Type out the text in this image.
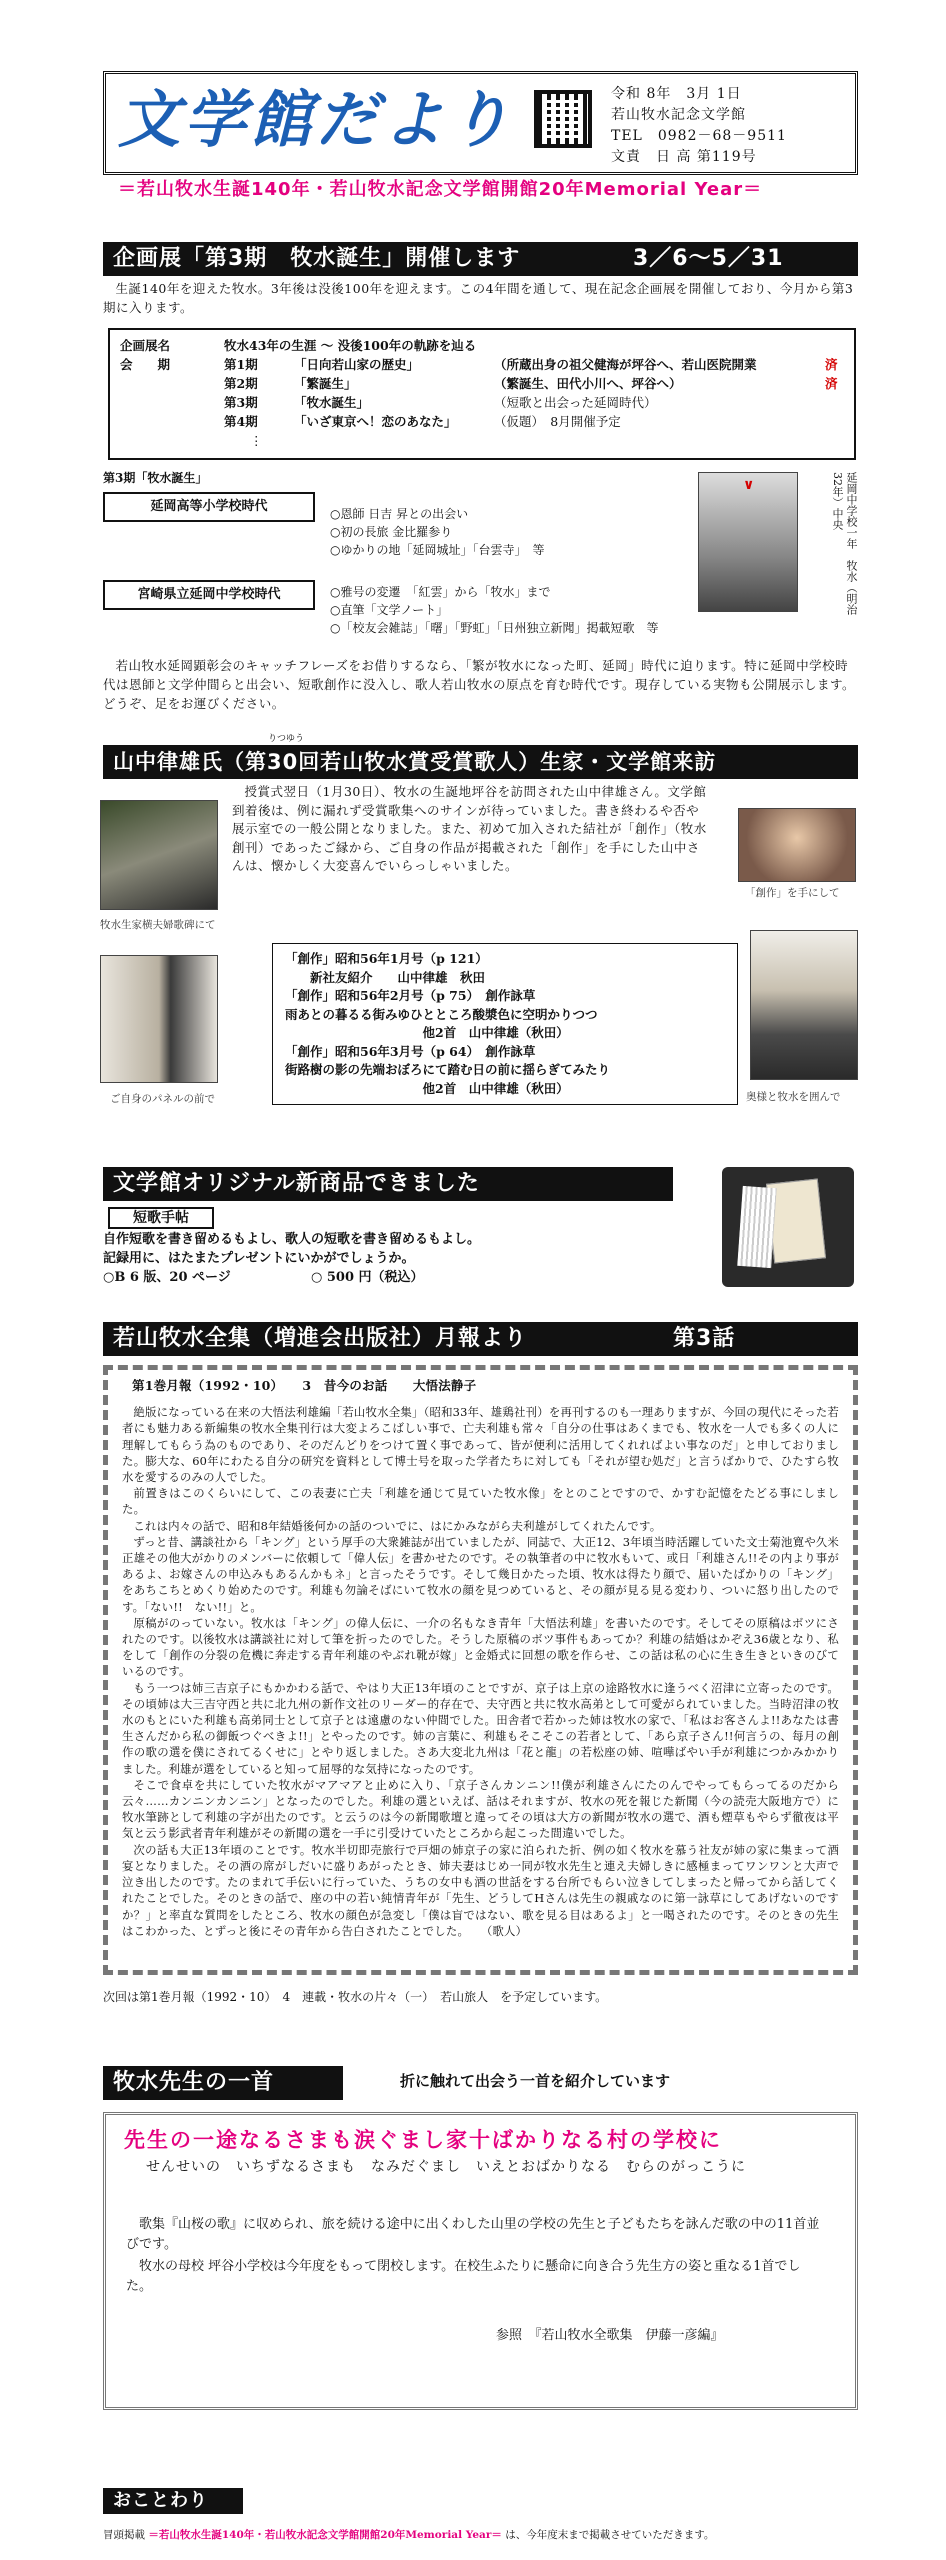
文学館だより	令和 8年　3月 1日
若山牧水記念文学館
TEL　0982－68－9511
文責　日 高 第119号
＝若山牧水生誕140年・若山牧水記念文学館開館20年Memorial Year＝
企画展「第3期　牧水誕生」開催します	3／6～5／31
生誕140年を迎えた牧水。3年後は没後100年を迎えます。この4年間を通して、現在記念企画展を開催しており、今月から第3期に入ります。
企画展名	牧水43年の生涯 ～ 没後100年の軌跡を辿る
会　　期	第1期	「日向若山家の歴史」	（所蔵出身の祖父健海が坪谷へ、若山医院開業	済
第2期	「繁誕生」	（繁誕生、田代小川へ、坪谷へ）	済
第3期	「牧水誕生」	（短歌と出会った延岡時代）
第4期	「いざ東京へ！恋のあなた」	（仮題）　8月開催予定
⋮
第3期「牧水誕生」
延岡高等小学校時代	○恩師 日吉 昇との出会い
○初の長旅 金比羅参り
○ゆかりの地「延岡城址」「台雲寺」　等
宮崎県立延岡中学校時代	○雅号の変遷　「紅雲」から「牧水」まで
○直筆「文学ノート」
○「校友会雑誌」「曙」「野虹」「日州独立新聞」掲載短歌　等
∨	延岡中学校一年　牧水（明治32年）中央
若山牧水延岡顕彰会のキャッチフレーズをお借りするなら、「繁が牧水になった町、延岡」時代に迫ります。特に延岡中学校時代は恩師と文学仲間らと出会い、短歌創作に没入し、歌人若山牧水の原点を育む時代です。現存している実物も公開展示します。どうぞ、足をお運びください。
りつゆう
山中律雄氏（第30回若山牧水賞受賞歌人）生家・文学館来訪
牧水生家横夫婦歌碑にて
授賞式翌日（1月30日）、牧水の生誕地坪谷を訪問された山中律雄さん。文学館到着後は、例に漏れず受賞歌集へのサインが待っていました。書き終わるや否や展示室での一般公開となりました。また、初めて加入された結社が「創作」（牧水創刊）であったご縁から、ご自身の作品が掲載された「創作」を手にした山中さんは、懐かしく大変喜んでいらっしゃいました。
「創作」を手にして
ご自身のパネルの前で
「創作」昭和56年1月号（p 121）
　　新社友紹介　　山中律雄　秋田
「創作」昭和56年2月号（p 75）　創作詠草
雨あとの暮るる街みゆひとところ酸漿色に空明かりつつ
　　　　　　　　　　　他2首　山中律雄（秋田）
「創作」昭和56年3月号（p 64）　創作詠草
街路樹の影の先端おぼろにて踏む日の前に揺らぎてみたり
　　　　　　　　　　　他2首　山中律雄（秋田）
奥様と牧水を囲んで
文学館オリジナル新商品できました
短歌手帖
自作短歌を書き留めるもよし、歌人の短歌を書き留めるもよし。
記録用に、はたまたプレゼントにいかがでしょうか。
○B 6 版、20 ページ	○ 500 円（税込）
若山牧水全集（増進会出版社）月報より	第3話
第1巻月報（1992・10）　　3　昔今のお話　　大悟法静子

絶版になっている在来の大悟法利雄編「若山牧水全集」（昭和33年、雄鶏社刊）を再刊するのも一理ありますが、今回の現代にそった若者にも魅力ある新編集の牧水全集刊行は大変よろこばしい事で、亡夫利雄も常々「自分の仕事はあくまでも、牧水を一人でも多くの人に理解してもらう為のものであり、そのだんどりをつけて置く事であって、皆が便利に活用してくれればよい事なのだ」と申しておりました。膨大な、60年にわたる自分の研究を資料として博士号を取った学者たちに対しても「それが望む処だ」と言うばかりで、ひたすら牧水を愛するのみの人でした。

前置きはこのくらいにして、この表妻に亡夫「利雄を通じて見ていた牧水像」をとのことですので、かすむ記憶をたどる事にしました。

これは内々の話で、昭和8年結婚後何かの話のついでに、はにかみながら夫利雄がしてくれたんです。

ずっと昔、講談社から「キング」という厚手の大衆雑誌が出ていましたが、同誌で、大正12、3年頃当時活躍していた文士菊池寛や久米正雄その他大がかりのメンバーに依頼して「偉人伝」を書かせたのです。その執筆者の中に牧水もいて、或日「利雄さん!!その内より事があるよ、お嫁さんの申込みもあるんかもネ」と言ったそうです。そして幾日かたった頃、牧水は得たり顔で、届いたばかりの「キング」をあちこちとめくり始めたのです。利雄も勿論そばにいて牧水の顔を見つめていると、その顔が見る見る変わり、ついに怒り出したのです。「ない!!　ない!!」と。

原稿がのっていない。牧水は「キング」の偉人伝に、一介の名もなき青年「大悟法利雄」を書いたのです。そしてその原稿はボツにされたのです。以後牧水は講談社に対して筆を折ったのでした。そうした原稿のボツ事件もあってか？利雄の結婚はかぞえ36歳となり、私をして「創作の分裂の危機に奔走する青年利雄のやぶれ靴が嫁」と金婚式に回想の歌を作らせ、この話は私の心に生き生きといきのびているのです。

もう一つは姉三吉京子にもかかわる話で、やはり大正13年頃のことですが、京子は上京の途路牧水に逢うべく沼津に立寄ったのです。その頃姉は大三吉守西と共に北九州の新作文社のリーダー的存在で、夫守西と共に牧水高弟として可愛がられていました。当時沼津の牧水のもとにいた利雄も高弟同士として京子とは遠慮のない仲間でした。田舎者で若かった姉は牧水の家で、「私はお客さんよ!!あなたは書生さんだから私の御飯つぐべきよ!!」とやったのです。姉の言葉に、利雄もそこそこの若者として、「あら京子さん!!何言うの、每月の創作の歌の選を僕にされてるくせに」とやり返しました。さあ大変北九州は「花と龍」の若松座の姉、喧嘩ばやい手が利雄につかみかかりました。利雄が選をしていると知って屈辱的な気持になったのです。

そこで食卓を共にしていた牧水がマアマアと止めに入り、「京子さんカンニン!!僕が利雄さんにたのんでやってもらってるのだから云々……カンニンカンニン」となったのでした。利雄の選といえば、話はそれますが、牧水の死を報じた新聞（今の読売大阪地方で）に牧水筆跡として利雄の字が出たのです。と云うのは今の新聞歌壇と違ってその頃は大方の新聞が牧水の選で、酒も煙草もやらず徹夜は平気と云う影武者青年利雄がその新聞の選を一手に引受けていたところから起こった間違いでした。

次の話も大正13年頃のことです。牧水半切即売旅行で戸畑の姉京子の家に泊られた折、例の如く牧水を慕う社友が姉の家に集まって酒宴となりました。その酒の席がしだいに盛りあがったとき、姉夫妻はじめ一同が牧水先生と連え夫婦しきに感極まってワンワンと大声で泣き出したのです。たのまれて手伝いに行っていた、うちの女中も酒の世話をする台所でもらい泣きしてしまったと帰ってから話してくれたことでした。そのときの話で、座の中の若い純情青年が「先生、どうしてHさんは先生の親戚なのに第一詠草にしてあげないのですか？」と率直な質問をしたところ、牧水の顔色が急変し「僕は盲ではない、歌を見る目はあるよ」と一喝されたのです。そのときの先生はこわかった、とずっと後にその青年から告白されたことでした。　　（歌人）

次回は第1巻月報（1992・10）　4　連載・牧水の片々（一）　若山旅人　を予定しています。
牧水先生の一首	折に触れて出会う一首を紹介しています
先生の一途なるさまも涙ぐまし家十ばかりなる村の学校に
せんせいの　いちずなるさまも　なみだぐまし　いえとおばかりなる　むらのがっこうに
歌集『山桜の歌』に収められ、旅を続ける途中に出くわした山里の学校の先生と子どもたちを詠んだ歌の中の11首並びです。
牧水の母校 坪谷小学校は今年度をもって閉校します。在校生ふたりに懸命に向き合う先生方の姿と重なる1首でした。
参照　『若山牧水全歌集　伊藤一彦編』
おことわり
冒頭掲載 ＝若山牧水生誕140年・若山牧水記念文学館開館20年Memorial Year＝ は、今年度末まで掲載させていただきます。
